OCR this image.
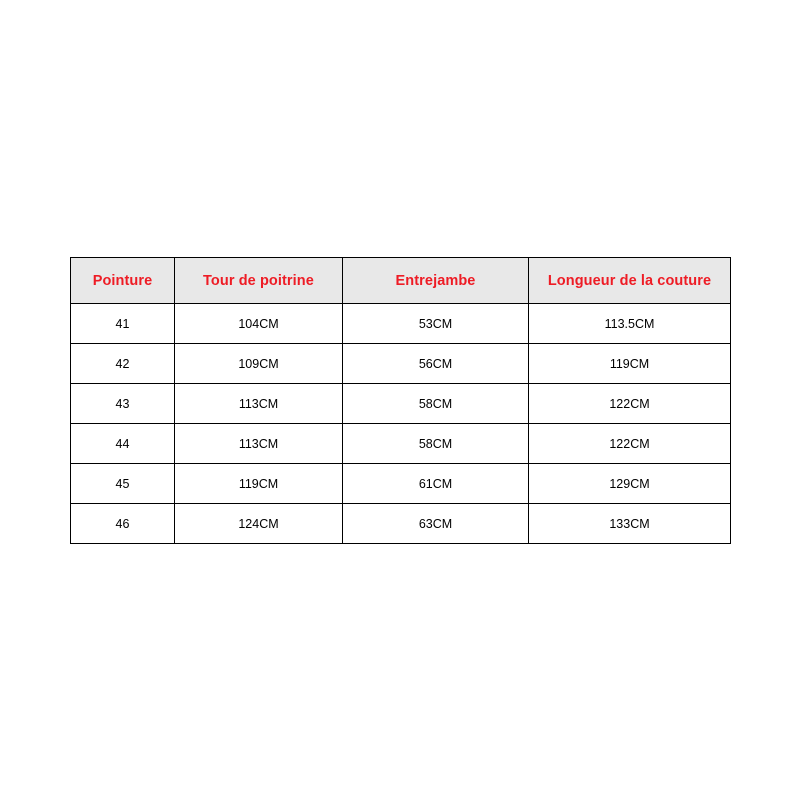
Pointure	Tour de poitrine	Entrejambe	Longueur de la couture
41	104CM	53CM	113.5CM
42	109CM	56CM	119CM
43	113CM	58CM	122CM
44	113CM	58CM	122CM
45	119CM	61CM	129CM
46	124CM	63CM	133CM
